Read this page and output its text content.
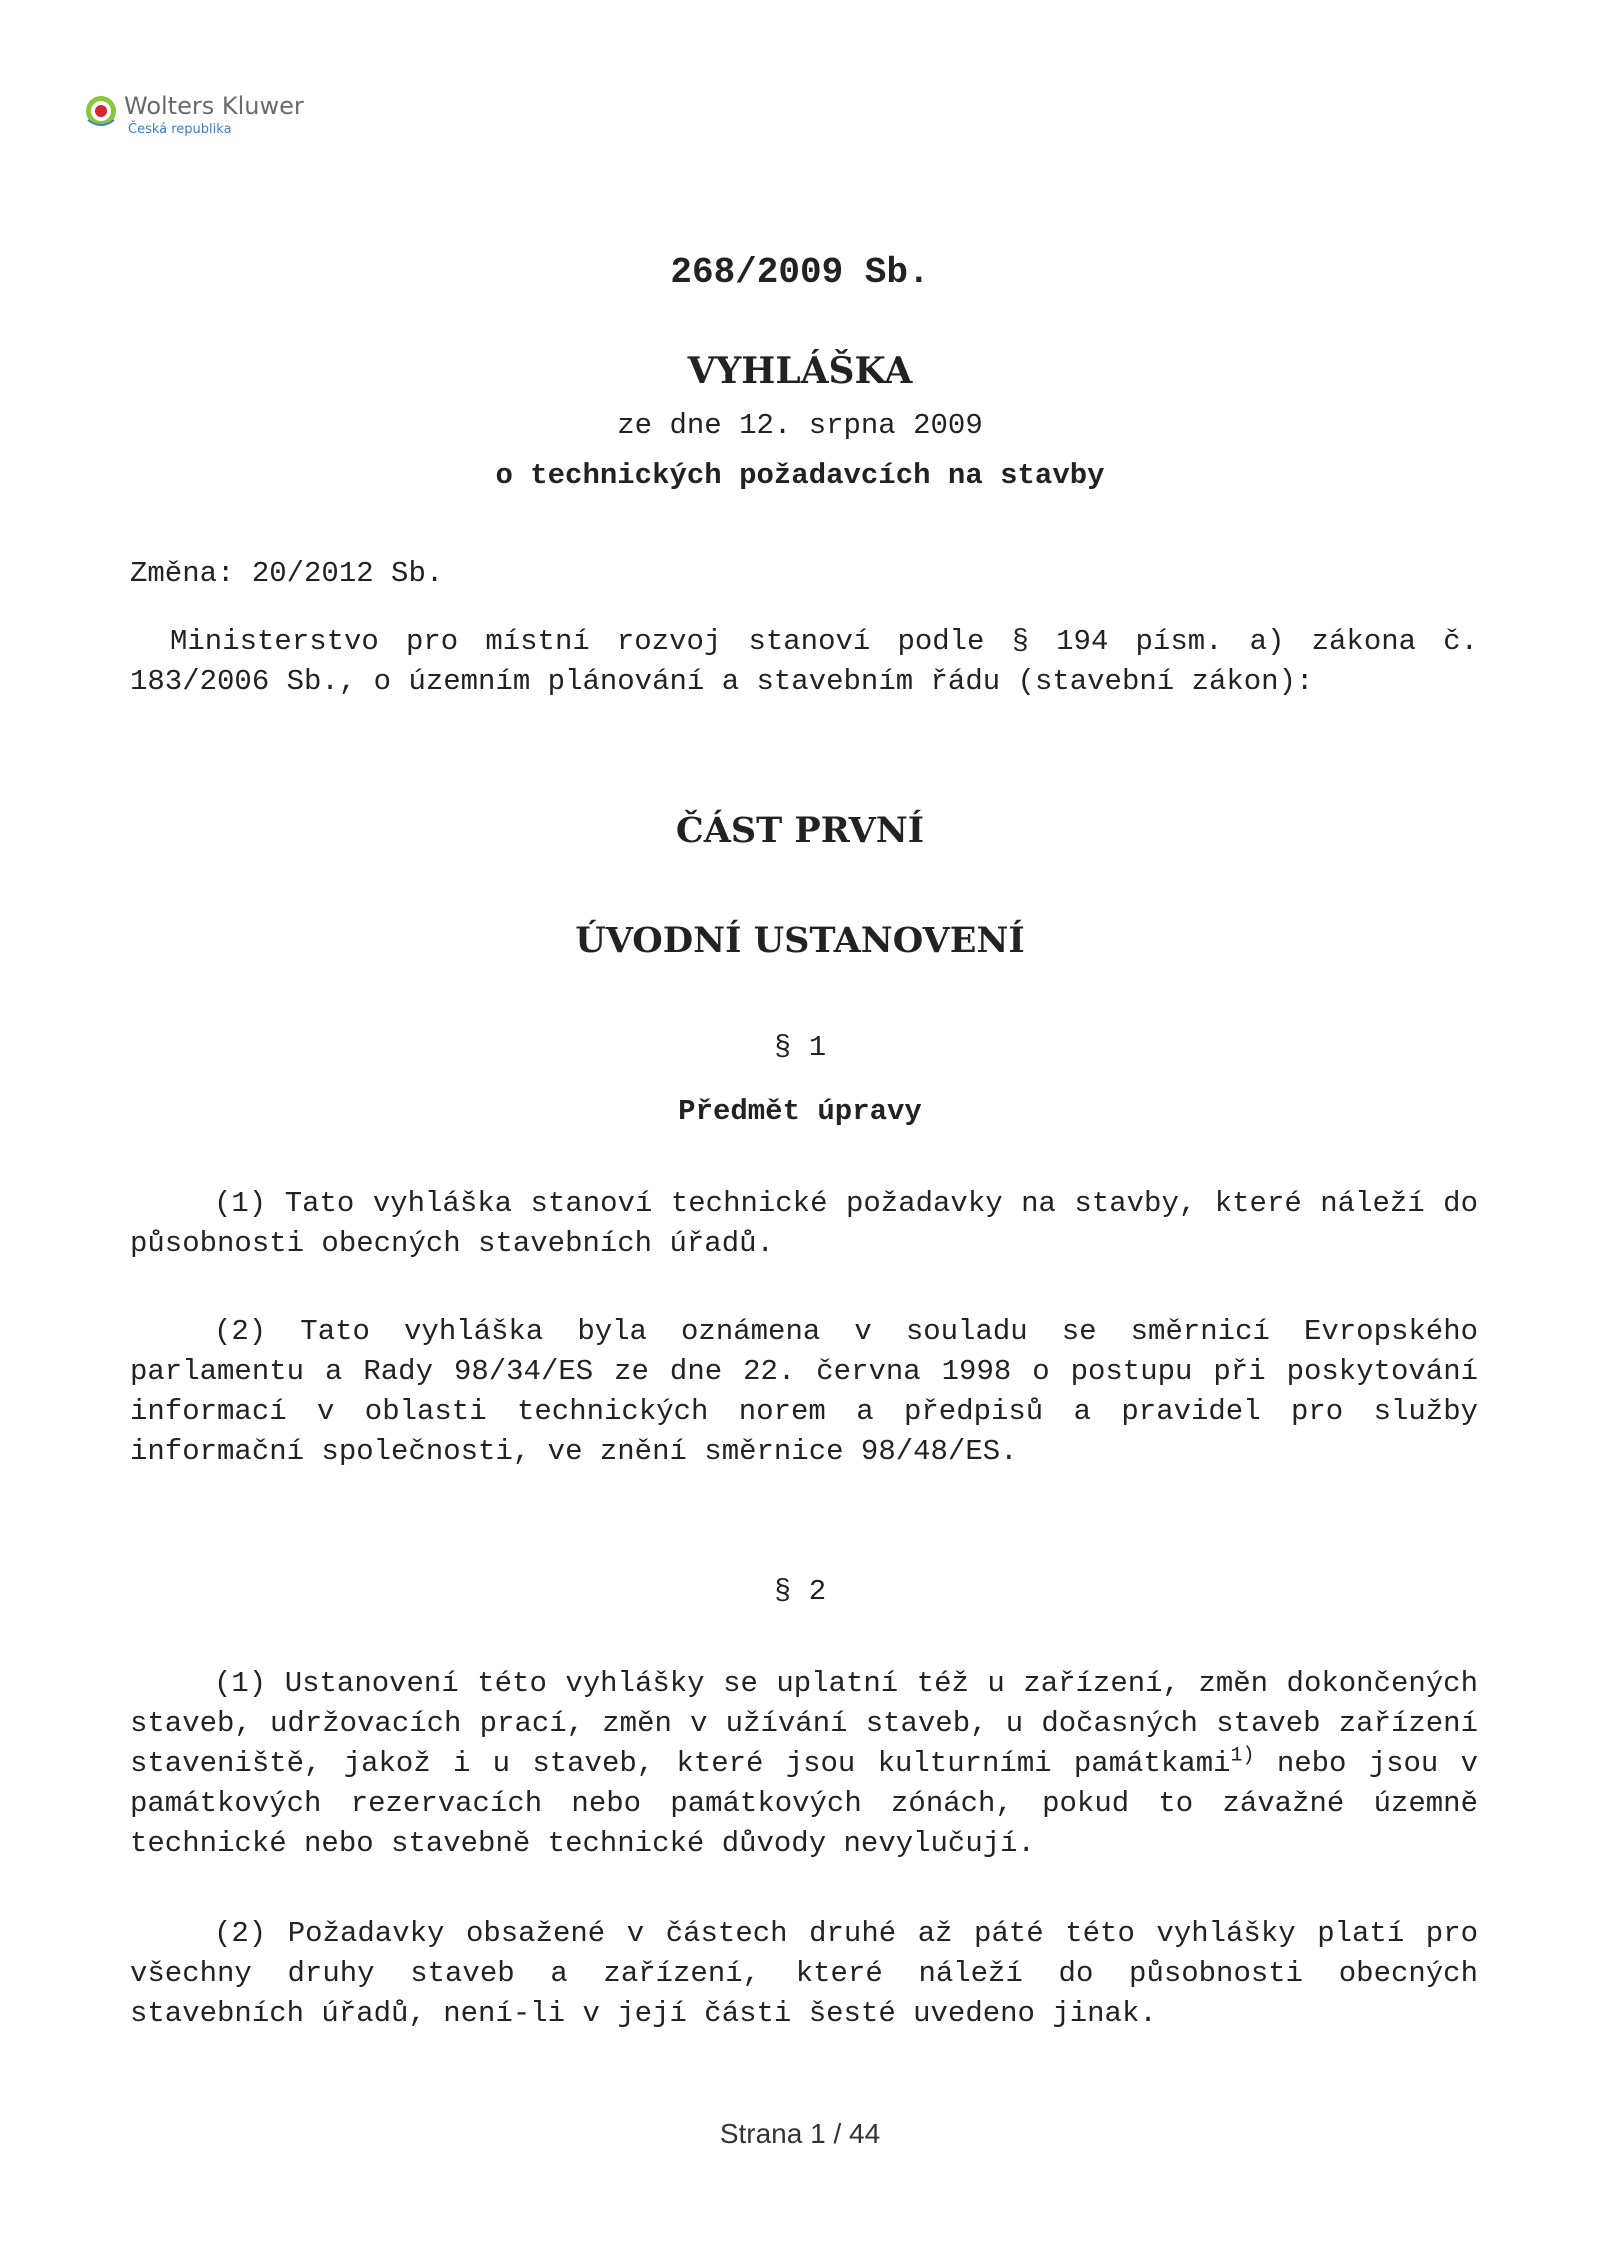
Wolters Kluwer
Česká republika
268/2009 Sb.
VYHLÁŠKA
ze dne 12. srpna 2009
o technických požadavcích na stavby
Změna: 20/2012 Sb.
Ministerstvo pro místní rozvoj stanoví podle § 194 písm. a) zákona č. 183/2006 Sb., o územním plánování a stavebním řádu (stavební zákon):
ČÁST PRVNÍ
ÚVODNÍ USTANOVENÍ
§ 1
Předmět úpravy
(1) Tato vyhláška stanoví technické požadavky na stavby, které náleží do působnosti obecných stavebních úřadů.
(2) Tato vyhláška byla oznámena v souladu se směrnicí Evropského parlamentu a Rady 98/34/ES ze dne 22. června 1998 o postupu při poskytování informací v oblasti technických norem a předpisů a pravidel pro služby informační společnosti, ve znění směrnice 98/48/ES.
§ 2
(1) Ustanovení této vyhlášky se uplatní též u zařízení, změn dokončených staveb, udržovacích prací, změn v užívání staveb, u dočasných staveb zařízení staveniště, jakož i u staveb, které jsou kulturními památkami$^{1)}$ nebo jsou v památkových rezervacích nebo památkových zónách, pokud to závažné územně technické nebo stavebně technické důvody nevylučují.
(2) Požadavky obsažené v částech druhé až páté této vyhlášky platí pro všechny druhy staveb a zařízení, které náleží do působnosti obecných stavebních úřadů, není-li v její části šesté uvedeno jinak.
Strana 1 / 44
